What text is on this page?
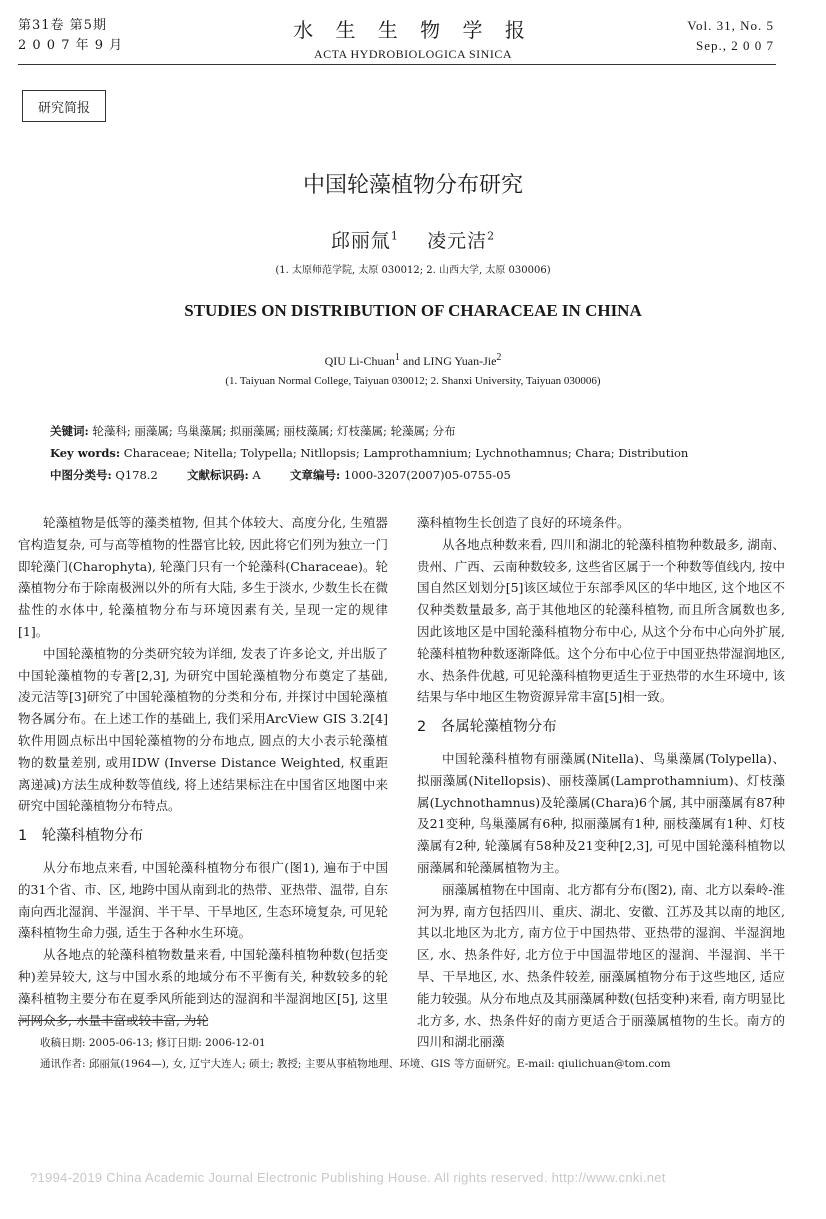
第31卷 第5期
2 0 0 7 年 9 月
水 生 生 物 学 报
ACTA HYDROBIOLOGICA SINICA
Vol. 31, No. 5
Sep., 2 0 0 7
研究简报
中国轮藻植物分布研究
邱丽氚$^1$ 凌元洁$^2$
(1. 太原师范学院, 太原 030012; 2. 山西大学, 太原 030006)
STUDIES ON DISTRIBUTION OF CHARACEAE IN CHINA
QIU Li-Chuan$^1$ and LING Yuan-Jie$^2$
(1. Taiyuan Normal College, Taiyuan 030012; 2. Shanxi University, Taiyuan 030006)
关键词: 轮藻科; 丽藻属; 鸟巢藻属; 拟丽藻属; 丽枝藻属; 灯枝藻属; 轮藻属; 分布
Key words: Characeae; Nitella; Tolypella; Nitllopsis; Lamprothamnium; Lychnothamnus; Chara; Distribution
中图分类号: Q178.2	文献标识码: A	文章编号: 1000-3207(2007)05-0755-05

轮藻植物是低等的藻类植物, 但其个体较大、高度分化, 生殖器官构造复杂, 可与高等植物的性器官比较, 因此将它们列为独立一门即轮藻门(Charophyta), 轮藻门只有一个轮藻科(Characeae)。轮藻植物分布于除南极洲以外的所有大陆, 多生于淡水, 少数生长在微盐性的水体中, 轮藻植物分布与环境因素有关, 呈现一定的规律[1]。

中国轮藻植物的分类研究较为详细, 发表了许多论文, 并出版了中国轮藻植物的专著[2,3], 为研究中国轮藻植物分布奠定了基础, 凌元洁等[3]研究了中国轮藻植物的分类和分布, 并探讨中国轮藻植物各属分布。在上述工作的基础上, 我们采用ArcView GIS 3.2[4]软件用圆点标出中国轮藻植物的分布地点, 圆点的大小表示轮藻植物的数量差别, 或用IDW (Inverse Distance Weighted, 权重距离递减)方法生成种数等值线, 将上述结果标注在中国省区地图中来研究中国轮藻植物分布特点。

1　轮藻科植物分布

从分布地点来看, 中国轮藻科植物分布很广(图1), 遍布于中国的31个省、市、区, 地跨中国从南到北的热带、亚热带、温带, 自东南向西北湿润、半湿润、半干旱、干旱地区, 生态环境复杂, 可见轮藻科植物生命力强, 适生于各种水生环境。

从各地点的轮藻科植物数量来看, 中国轮藻科植物种数(包括变种)差异较大, 这与中国水系的地域分布不平衡有关, 种数较多的轮藻科植物主要分布在夏季风所能到达的湿润和半湿润地区[5], 这里河网众多, 水量丰富或较丰富, 为轮

藻科植物生长创造了良好的环境条件。

从各地点种数来看, 四川和湖北的轮藻科植物种数最多, 湖南、贵州、广西、云南种数较多, 这些省区属于一个种数等值线内, 按中国自然区划划分[5]该区域位于东部季风区的华中地区, 这个地区不仅种类数量最多, 高于其他地区的轮藻科植物, 而且所含属数也多, 因此该地区是中国轮藻科植物分布中心, 从这个分布中心向外扩展, 轮藻科植物种数逐渐降低。这个分布中心位于中国亚热带湿润地区, 水、热条件优越, 可见轮藻科植物更适生于亚热带的水生环境中, 该结果与华中地区生物资源异常丰富[5]相一致。

2　各属轮藻植物分布

中国轮藻科植物有丽藻属(Nitella)、鸟巢藻属(Tolypella)、拟丽藻属(Nitellopsis)、丽枝藻属(Lamprothamnium)、灯枝藻属(Lychnothamnus)及轮藻属(Chara)6个属, 其中丽藻属有87种及21变种, 鸟巢藻属有6种, 拟丽藻属有1种, 丽枝藻属有1种、灯枝藻属有2种, 轮藻属有58种及21变种[2,3], 可见中国轮藻科植物以丽藻属和轮藻属植物为主。

丽藻属植物在中国南、北方都有分布(图2), 南、北方以秦岭-淮河为界, 南方包括四川、重庆、湖北、安徽、江苏及其以南的地区, 其以北地区为北方, 南方位于中国热带、亚热带的湿润、半湿润地区, 水、热条件好, 北方位于中国温带地区的湿润、半湿润、半干旱、干旱地区, 水、热条件较差, 丽藻属植物分布于这些地区, 适应能力较强。从分布地点及其丽藻属种数(包括变种)来看, 南方明显比北方多, 水、热条件好的南方更适合于丽藻属植物的生长。南方的四川和湖北丽藻

收稿日期: 2005-06-13; 修订日期: 2006-12-01
通讯作者: 邱丽氚(1964—), 女, 辽宁大连人; 硕士; 教授; 主要从事植物地理、环境、GIS 等方面研究。E-mail: qiulichuan@tom.com
?1994-2019 China Academic Journal Electronic Publishing House. All rights reserved. http://www.cnki.net
